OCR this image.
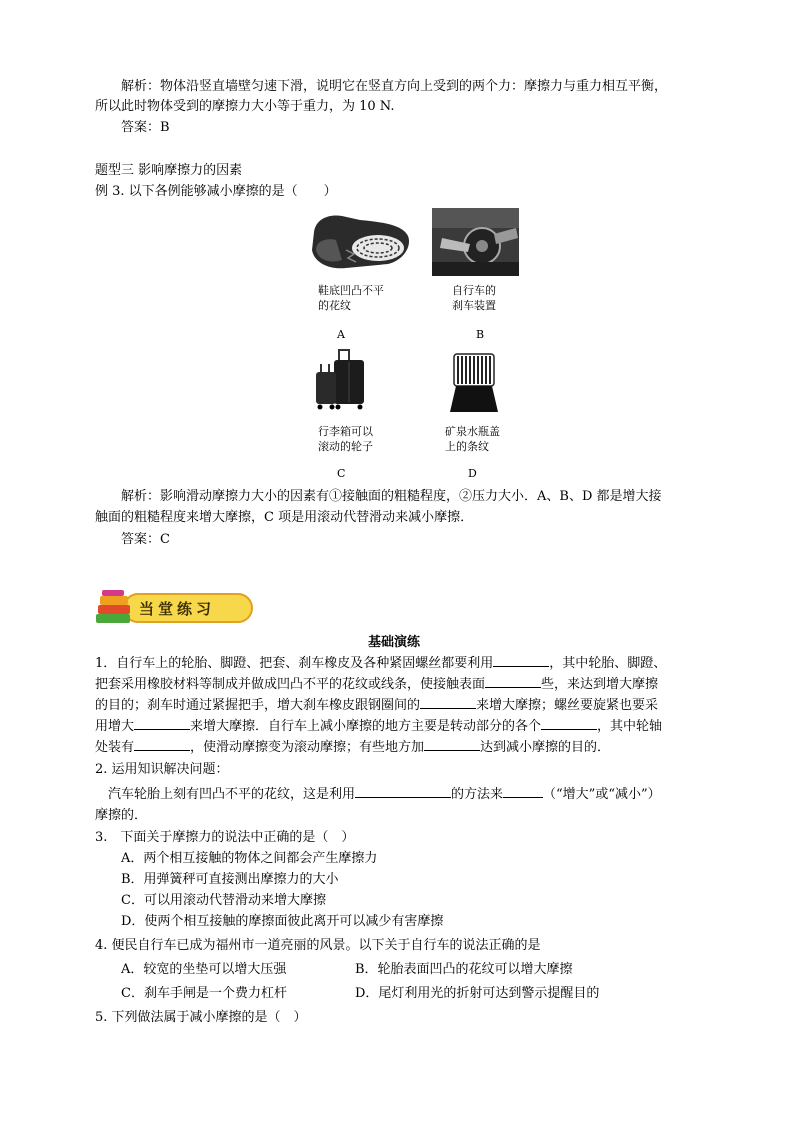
解析：物体沿竖直墙壁匀速下滑，说明它在竖直方向上受到的两个力：摩擦力与重力相互平衡，
所以此时物体受到的摩擦力大小等于重力，为 10 N.
答案：B
题型三 影响摩擦力的因素
例 3. 以下各例能够减小摩擦的是（　　）
鞋底凹凸不平
的花纹
A
自行车的
刹车装置
B
行李箱可以
滚动的轮子
C
矿泉水瓶盖
上的条纹
D
解析：影响滑动摩擦力大小的因素有①接触面的粗糙程度，②压力大小．A、B、D 都是增大接
触面的粗糙程度来增大摩擦，C 项是用滚动代替滑动来减小摩擦．
答案：C
当堂练习
基础演练
1．自行车上的轮胎、脚蹬、把套、刹车橡皮及各种紧固螺丝都要利用	，其中轮胎、脚蹬、
把套采用橡胶材料等制成并做成凹凸不平的花纹或线条，使接触表面	些，来达到增大摩擦
的目的；刹车时通过紧握把手，增大刹车橡皮跟钢圈间的	来增大摩擦；螺丝要旋紧也要采
用增大	来增大摩擦．自行车上减小摩擦的地方主要是转动部分的各个	，其中轮轴
处装有	，使滑动摩擦变为滚动摩擦；有些地方加	达到减小摩擦的目的．
2. 运用知识解决问题：
汽车轮胎上刻有凹凸不平的花纹，这是利用	的方法来	（“增大”或“减小”）
摩擦的．
3.　下面关于摩擦力的说法中正确的是（　）
A．两个相互接触的物体之间都会产生摩擦力
B．用弹簧秤可直接测出摩擦力的大小
C．可以用滚动代替滑动来增大摩擦
D．使两个相互接触的摩擦面彼此离开可以减少有害摩擦
4. 便民自行车已成为福州市一道亮丽的风景。以下关于自行车的说法正确的是
A．较宽的坐垫可以增大压强	B．轮胎表面凹凸的花纹可以增大摩擦
C．刹车手闸是一个费力杠杆	D．尾灯利用光的折射可达到警示提醒目的
5. 下列做法属于减小摩擦的是（　）
